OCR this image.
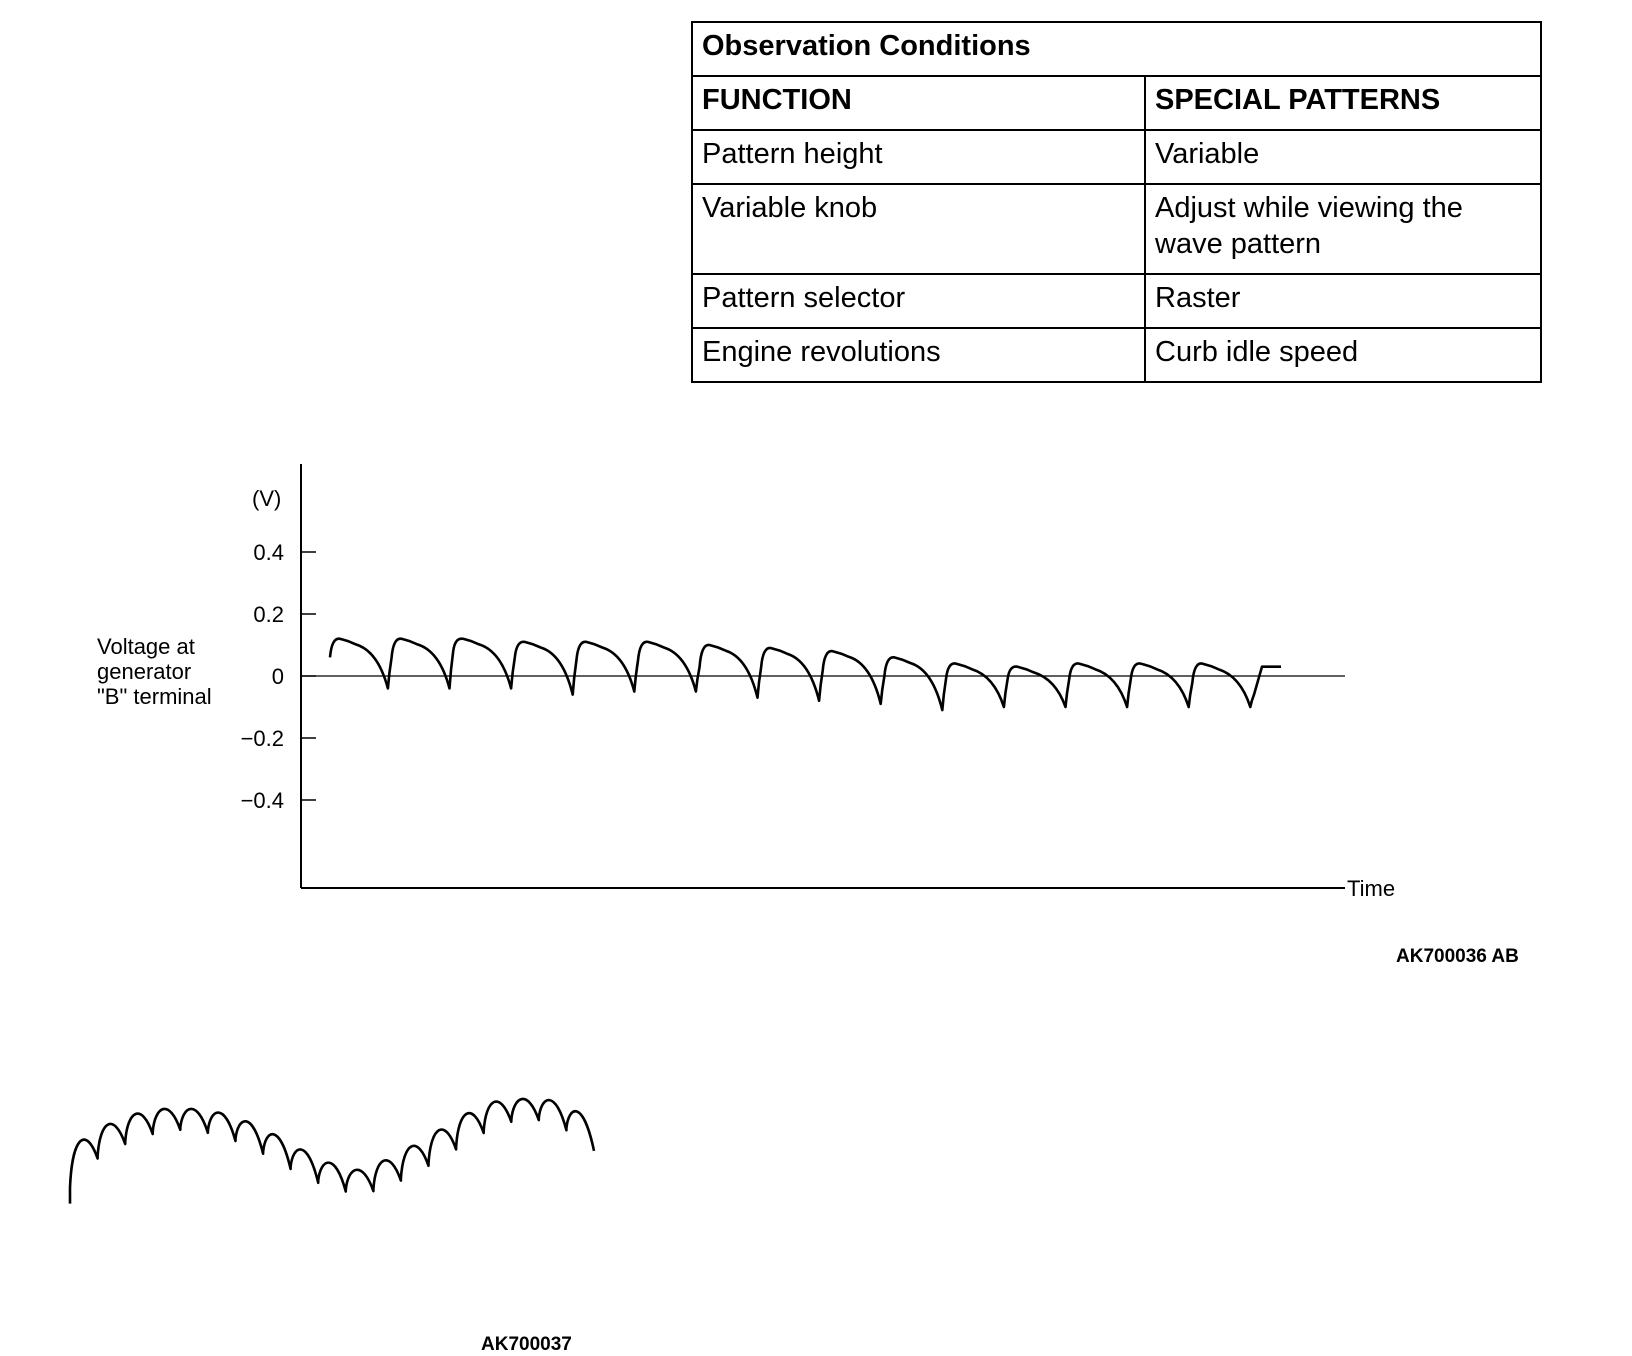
Observation Conditions	
FUNCTION	SPECIAL PATTERNS
Pattern height	Variable
Variable knob	Adjust while viewing the wave pattern
Pattern selector	Raster
Engine revolutions	Curb idle speed
(V)
Voltage at generator "B" terminal
0.4
0.2
0
−0.2
−0.4
Time
AK700036 AB
AK700037
